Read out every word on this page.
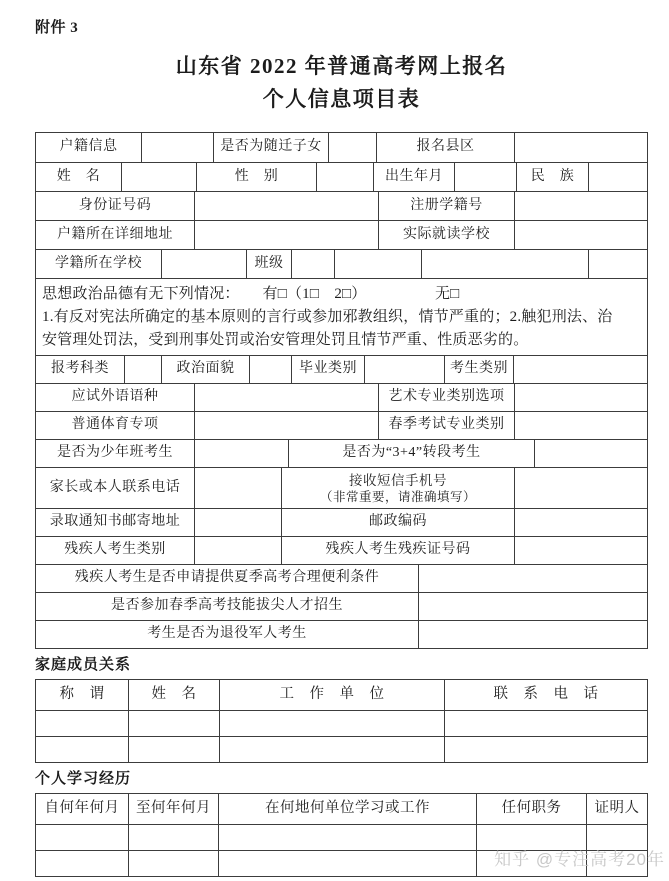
附件 3
山东省 2022 年普通高考网上报名
个人信息项目表
户籍信息	是否为随迁子女	报名县区
姓　名	性　别	出生年月	民　族
身份证号码	注册学籍号
户籍所在详细地址	实际就读学校
学籍所在学校	班级
思想政治品德有无下列情况：　　有□（1□　2□）　　　　　无□
1.有反对宪法所确定的基本原则的言行或参加邪教组织，情节严重的；2.触犯刑法、治
安管理处罚法，受到刑事处罚或治安管理处罚且情节严重、性质恶劣的。
报考科类	政治面貌	毕业类别	考生类别
应试外语语种	艺术专业类别选项
普通体育专项	春季考试专业类别
是否为少年班考生	是否为“3+4”转段考生
家长或本人联系电话	接收短信手机号
（非常重要，请准确填写）
录取通知书邮寄地址	邮政编码
残疾人考生类别	残疾人考生残疾证号码
残疾人考生是否申请提供夏季高考合理便利条件
是否参加春季高考技能拔尖人才招生
考生是否为退役军人考生
家庭成员关系
称　谓	姓　名	工　作　单　位	联　系　电　话
个人学习经历
自何年何月	至何年何月	在何地何单位学习或工作	任何职务	证明人
知乎 @专注高考20年
